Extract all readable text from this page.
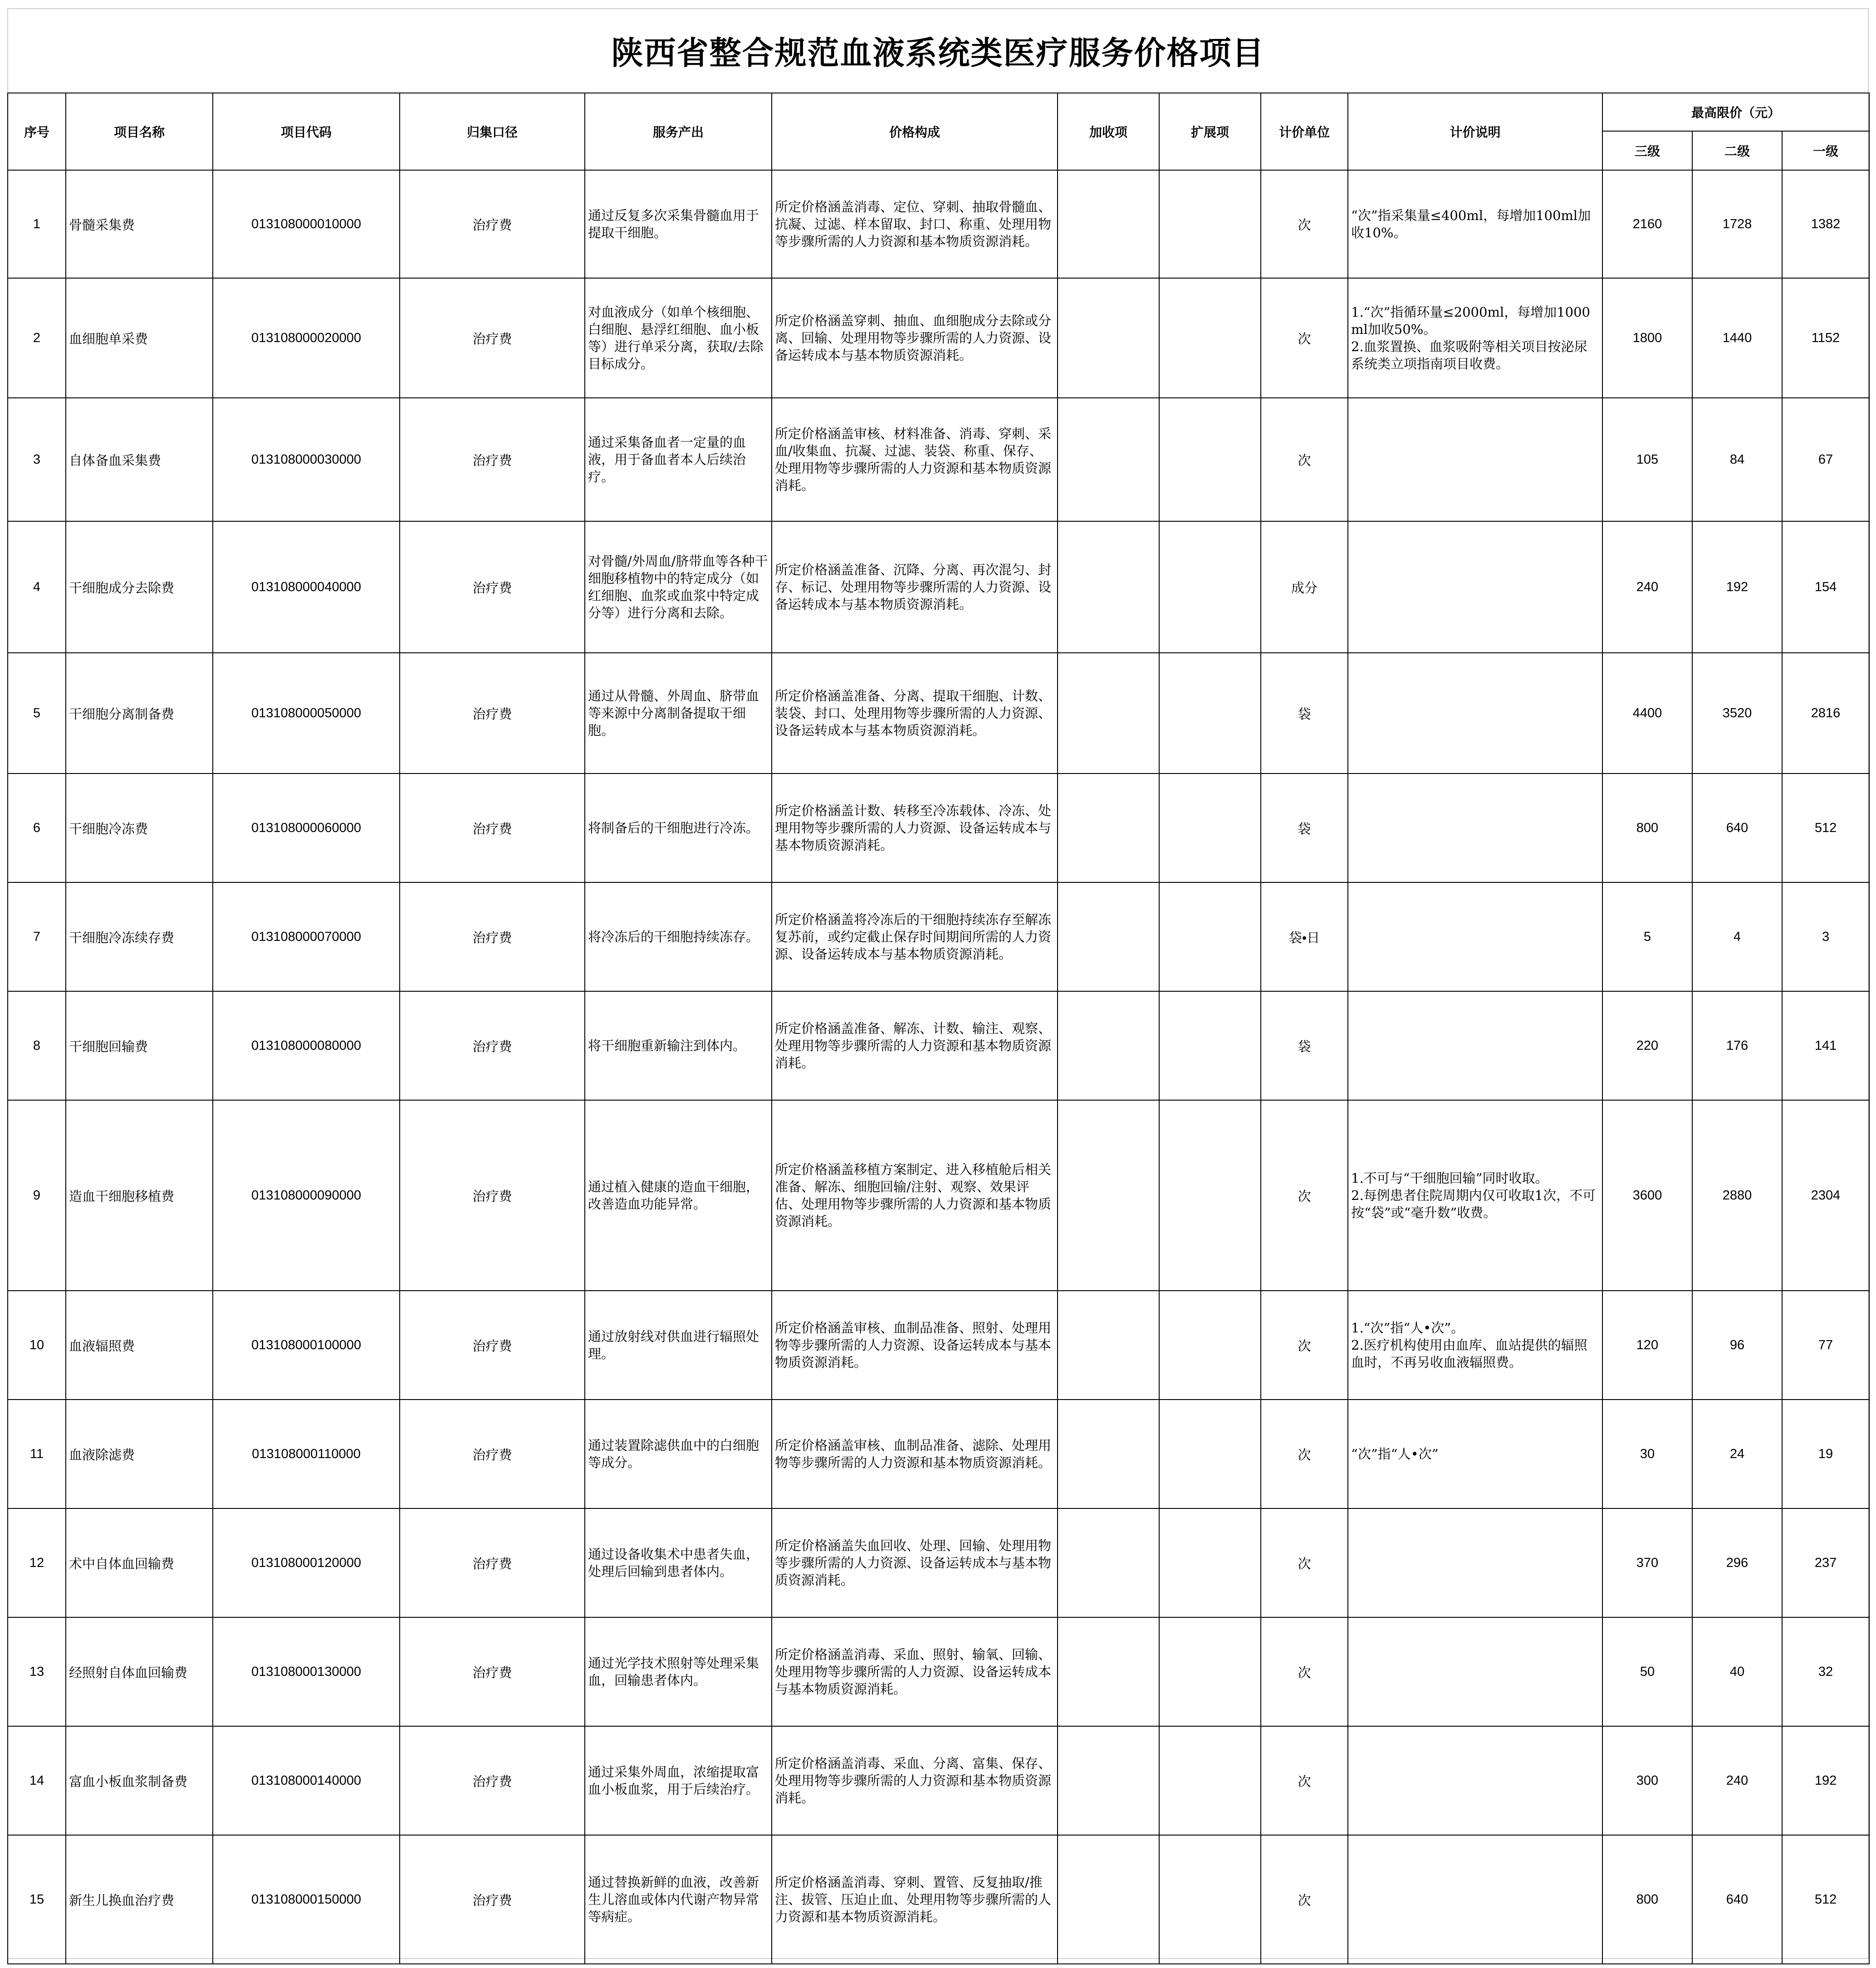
陕西省整合规范血液系统类医疗服务价格项目
序号	项目名称	项目代码	归集口径	服务产出	价格构成	加收项	扩展项	计价单位	计价说明	最高限价（元）		
										三级	二级	一级
1	骨髓采集费	013108000010000	治疗费	通过反复多次采集骨髓血用于提取干细胞。	所定价格涵盖消毒、定位、穿刺、抽取骨髓血、抗凝、过滤、样本留取、封口、称重、处理用物等步骤所需的人力资源和基本物质资源消耗。			次	“次”指采集量≤400ml，每增加100ml加收10%。	2160	1728	1382
2	血细胞单采费	013108000020000	治疗费	对血液成分（如单个核细胞、白细胞、悬浮红细胞、血小板等）进行单采分离，获取/去除目标成分。	所定价格涵盖穿刺、抽血、血细胞成分去除或分离、回输、处理用物等步骤所需的人力资源、设备运转成本与基本物质资源消耗。			次	1.“次”指循环量≤2000ml，每增加1000ml加收50%。
2.血浆置换、血浆吸附等相关项目按泌尿系统类立项指南项目收费。	1800	1440	1152
3	自体备血采集费	013108000030000	治疗费	通过采集备血者一定量的血液，用于备血者本人后续治疗。	所定价格涵盖审核、材料准备、消毒、穿刺、采血/收集血、抗凝、过滤、装袋、称重、保存、处理用物等步骤所需的人力资源和基本物质资源消耗。			次		105	84	67
4	干细胞成分去除费	013108000040000	治疗费	对骨髓/外周血/脐带血等各种干细胞移植物中的特定成分（如红细胞、血浆或血浆中特定成分等）进行分离和去除。	所定价格涵盖准备、沉降、分离、再次混匀、封存、标记、处理用物等步骤所需的人力资源、设备运转成本与基本物质资源消耗。			成分		240	192	154
5	干细胞分离制备费	013108000050000	治疗费	通过从骨髓、外周血、脐带血等来源中分离制备提取干细胞。	所定价格涵盖准备、分离、提取干细胞、计数、装袋、封口、处理用物等步骤所需的人力资源、设备运转成本与基本物质资源消耗。			袋		4400	3520	2816
6	干细胞冷冻费	013108000060000	治疗费	将制备后的干细胞进行冷冻。	所定价格涵盖计数、转移至冷冻载体、冷冻、处理用物等步骤所需的人力资源、设备运转成本与基本物质资源消耗。			袋		800	640	512
7	干细胞冷冻续存费	013108000070000	治疗费	将冷冻后的干细胞持续冻存。	所定价格涵盖将冷冻后的干细胞持续冻存至解冻复苏前，或约定截止保存时间期间所需的人力资源、设备运转成本与基本物质资源消耗。			袋•日		5	4	3
8	干细胞回输费	013108000080000	治疗费	将干细胞重新输注到体内。	所定价格涵盖准备、解冻、计数、输注、观察、处理用物等步骤所需的人力资源和基本物质资源消耗。			袋		220	176	141
9	造血干细胞移植费	013108000090000	治疗费	通过植入健康的造血干细胞，改善造血功能异常。	所定价格涵盖移植方案制定、进入移植舱后相关准备、解冻、细胞回输/注射、观察、效果评估、处理用物等步骤所需的人力资源和基本物质资源消耗。			次	1.不可与“干细胞回输”同时收取。
2.每例患者住院周期内仅可收取1次，不可按“袋”或“毫升数”收费。	3600	2880	2304
10	血液辐照费	013108000100000	治疗费	通过放射线对供血进行辐照处理。	所定价格涵盖审核、血制品准备、照射、处理用物等步骤所需的人力资源、设备运转成本与基本物质资源消耗。			次	1.“次”指“人•次”。
2.医疗机构使用由血库、血站提供的辐照血时，不再另收血液辐照费。	120	96	77
11	血液除滤费	013108000110000	治疗费	通过装置除滤供血中的白细胞等成分。	所定价格涵盖审核、血制品准备、滤除、处理用物等步骤所需的人力资源和基本物质资源消耗。			次	“次”指“人•次”	30	24	19
12	术中自体血回输费	013108000120000	治疗费	通过设备收集术中患者失血，处理后回输到患者体内。	所定价格涵盖失血回收、处理、回输、处理用物等步骤所需的人力资源、设备运转成本与基本物质资源消耗。			次		370	296	237
13	经照射自体血回输费	013108000130000	治疗费	通过光学技术照射等处理采集血，回输患者体内。	所定价格涵盖消毒、采血、照射、输氧、回输、处理用物等步骤所需的人力资源、设备运转成本与基本物质资源消耗。			次		50	40	32
14	富血小板血浆制备费	013108000140000	治疗费	通过采集外周血，浓缩提取富血小板血浆，用于后续治疗。	所定价格涵盖消毒、采血、分离、富集、保存、处理用物等步骤所需的人力资源和基本物质资源消耗。			次		300	240	192
15	新生儿换血治疗费	013108000150000	治疗费	通过替换新鲜的血液，改善新生儿溶血或体内代谢产物异常等病症。	所定价格涵盖消毒、穿刺、置管、反复抽取/推注、拔管、压迫止血、处理用物等步骤所需的人力资源和基本物质资源消耗。			次		800	640	512
